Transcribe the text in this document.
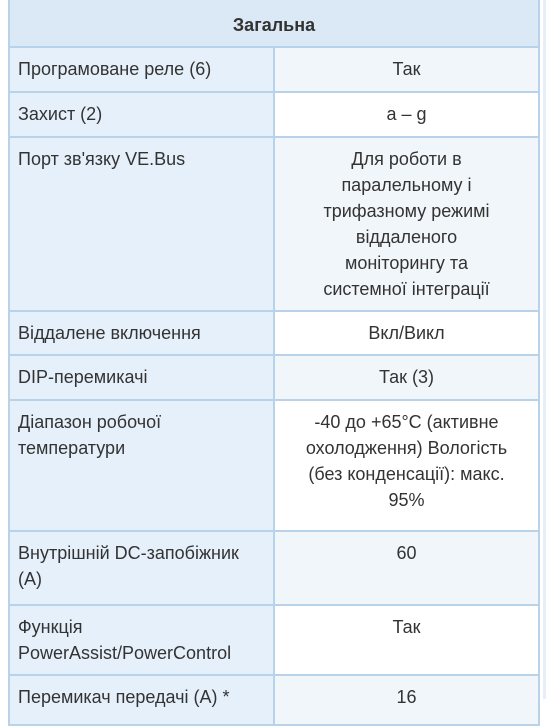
Загальна	
Програмоване реле (6)	Так
Захист (2)	a – g
Порт зв'язку VE.Bus	Для роботи в паралельному і трифазному режимі віддаленого моніторингу та системної інтеграції
Віддалене включення	Вкл/Викл
DIP-перемикачі	Так (3)
Діапазон робочої температури	-40 до +65°C (активне охолодження) Вологість (без конденсації): макс. 95%
Внутрішній DC-запобіжник (A)	60
Функція PowerAssist/PowerControl	Так
Перемикач передачі (А) *	16
